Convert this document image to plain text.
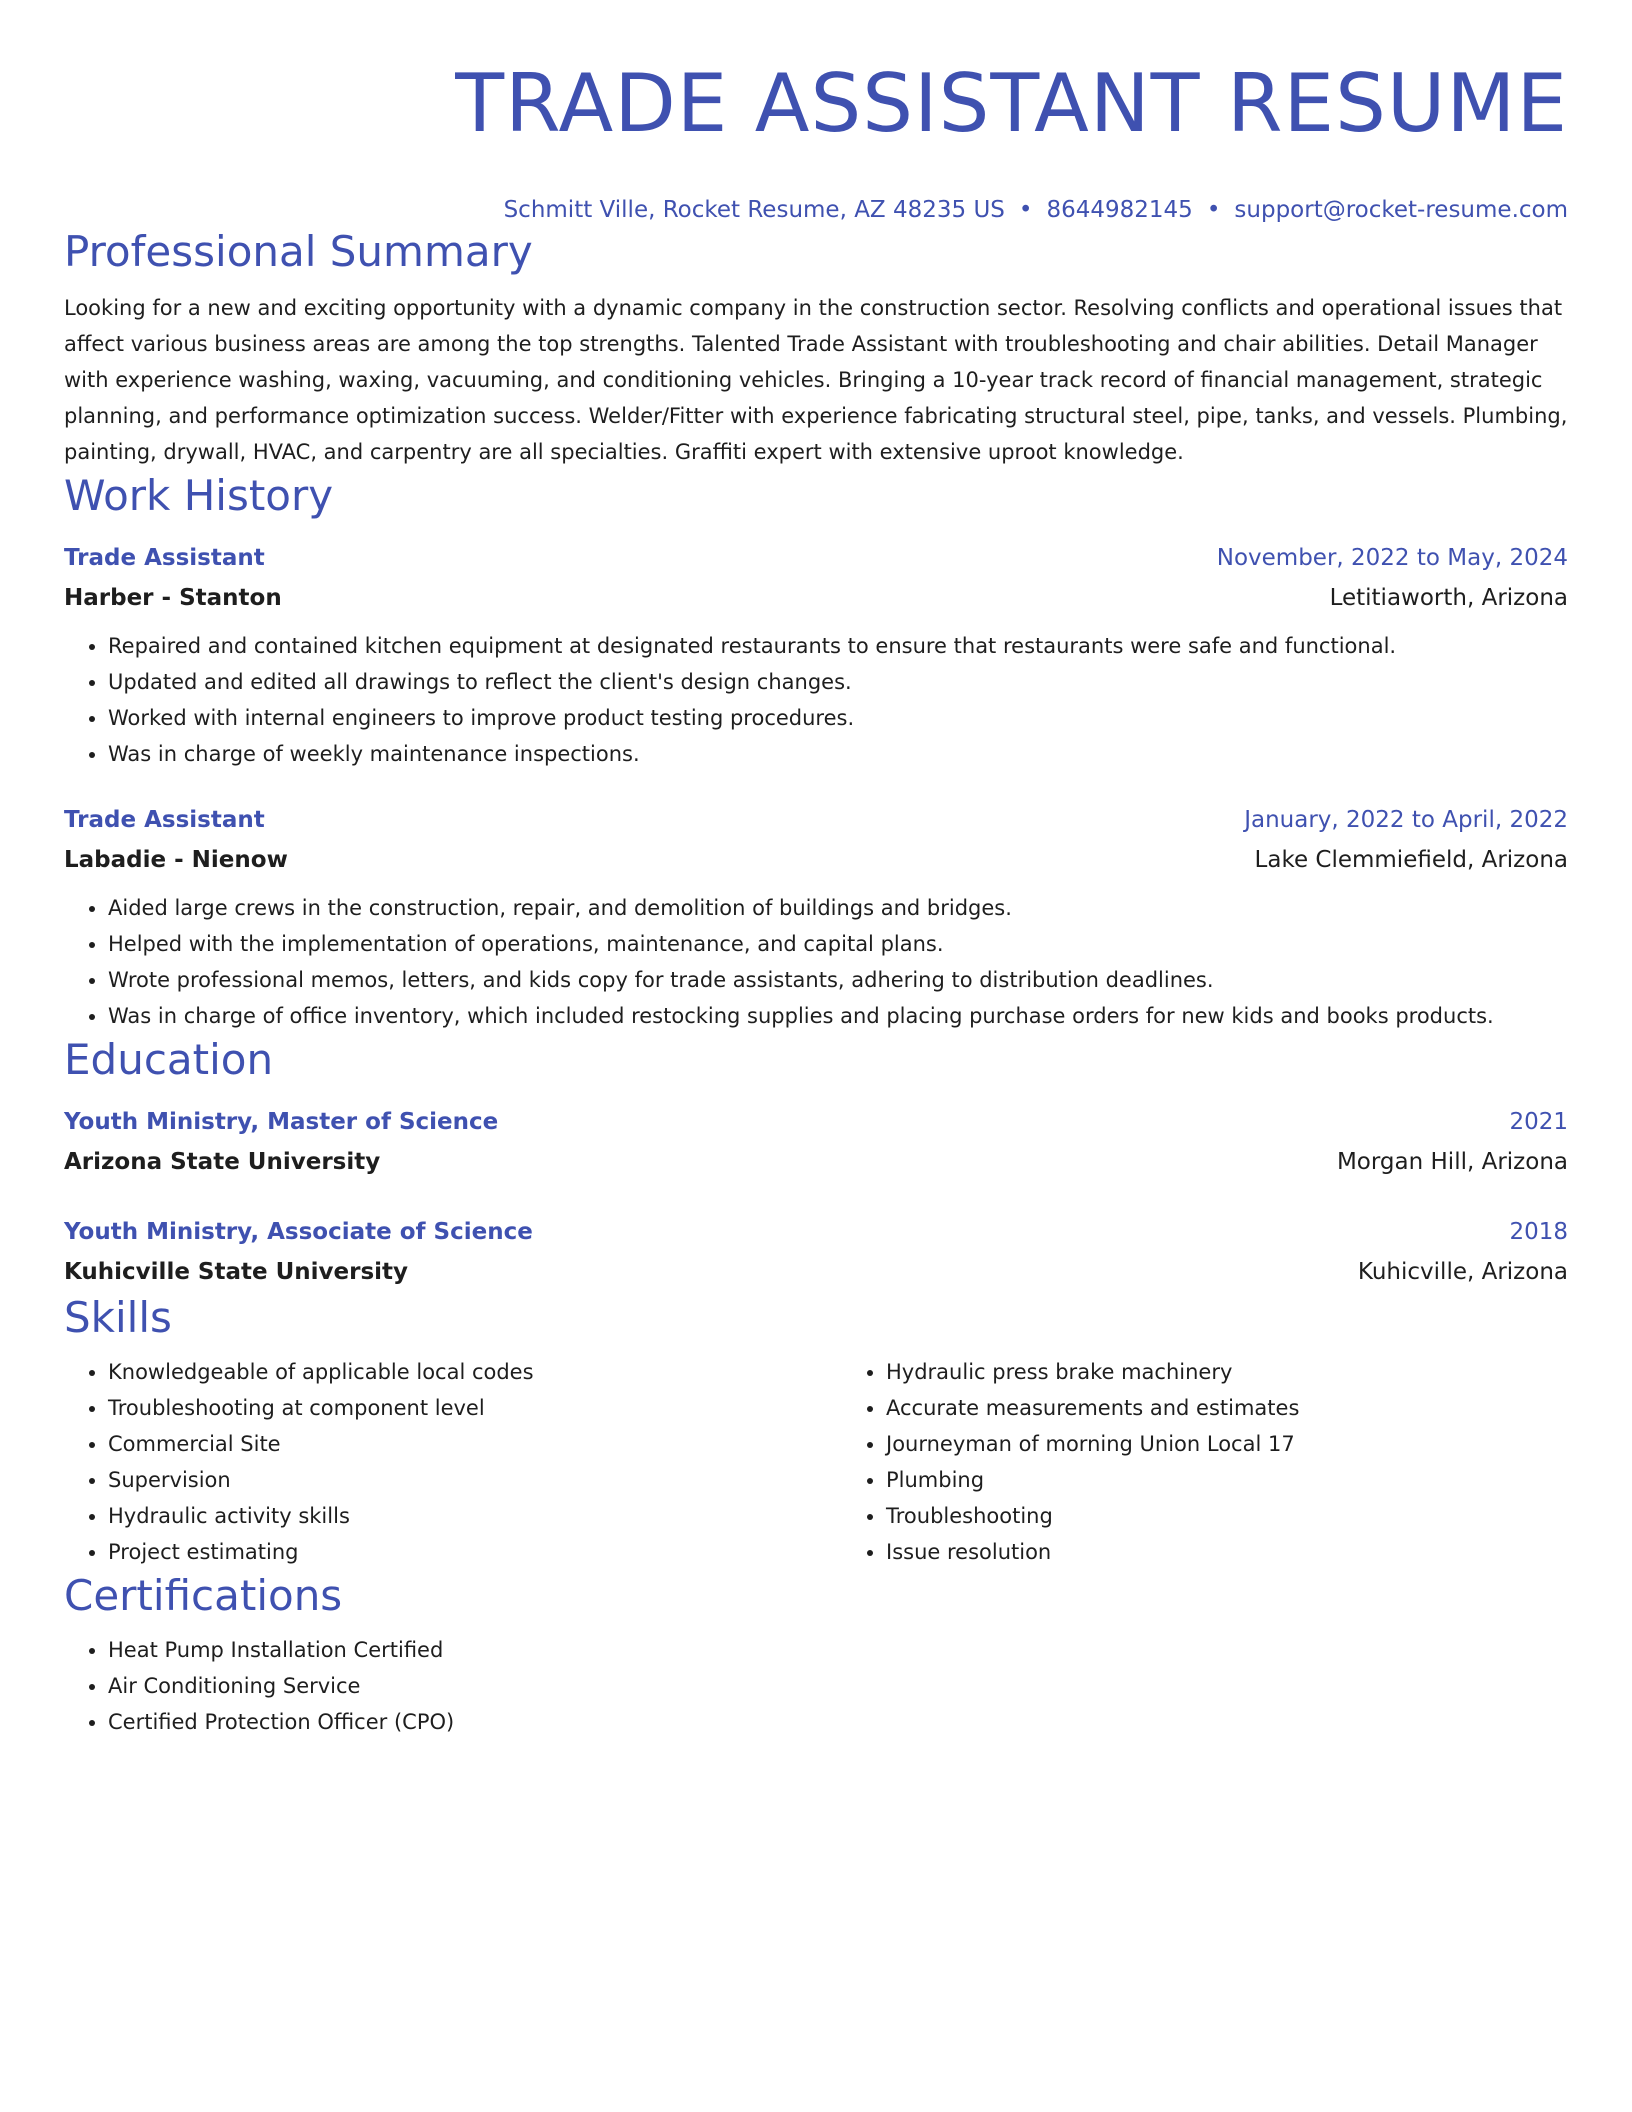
TRADE ASSISTANT RESUME
Schmitt Ville, Rocket Resume, AZ 48235 US • 8644982145 • support@rocket-resume.com
Professional Summary

Looking for a new and exciting opportunity with a dynamic company in the construction sector. Resolving conflicts and operational issues that affect various business areas are among the top strengths. Talented Trade Assistant with troubleshooting and chair abilities. Detail Manager with experience washing, waxing, vacuuming, and conditioning vehicles. Bringing a 10-year track record of financial management, strategic planning, and performance optimization success. Welder/Fitter with experience fabricating structural steel, pipe, tanks, and vessels. Plumbing, painting, drywall, HVAC, and carpentry are all specialties. Graffiti expert with extensive uproot knowledge.

Work History
Trade Assistant	November, 2022 to May, 2024
Harber - Stanton	Letitiaworth, Arizona
• Repaired and contained kitchen equipment at designated restaurants to ensure that restaurants were safe and functional.
• Updated and edited all drawings to reflect the client's design changes.
• Worked with internal engineers to improve product testing procedures.
• Was in charge of weekly maintenance inspections.
Trade Assistant	January, 2022 to April, 2022
Labadie - Nienow	Lake Clemmiefield, Arizona
• Aided large crews in the construction, repair, and demolition of buildings and bridges.
• Helped with the implementation of operations, maintenance, and capital plans.
• Wrote professional memos, letters, and kids copy for trade assistants, adhering to distribution deadlines.
• Was in charge of office inventory, which included restocking supplies and placing purchase orders for new kids and books products.
Education
Youth Ministry, Master of Science	2021
Arizona State University	Morgan Hill, Arizona
Youth Ministry, Associate of Science	2018
Kuhicville State University	Kuhicville, Arizona
Skills
• Knowledgeable of applicable local codes
• Troubleshooting at component level
• Commercial Site
• Supervision
• Hydraulic activity skills
• Project estimating
• Hydraulic press brake machinery
• Accurate measurements and estimates
• Journeyman of morning Union Local 17
• Plumbing
• Troubleshooting
• Issue resolution
Certifications
• Heat Pump Installation Certified
• Air Conditioning Service
• Certified Protection Officer (CPO)
